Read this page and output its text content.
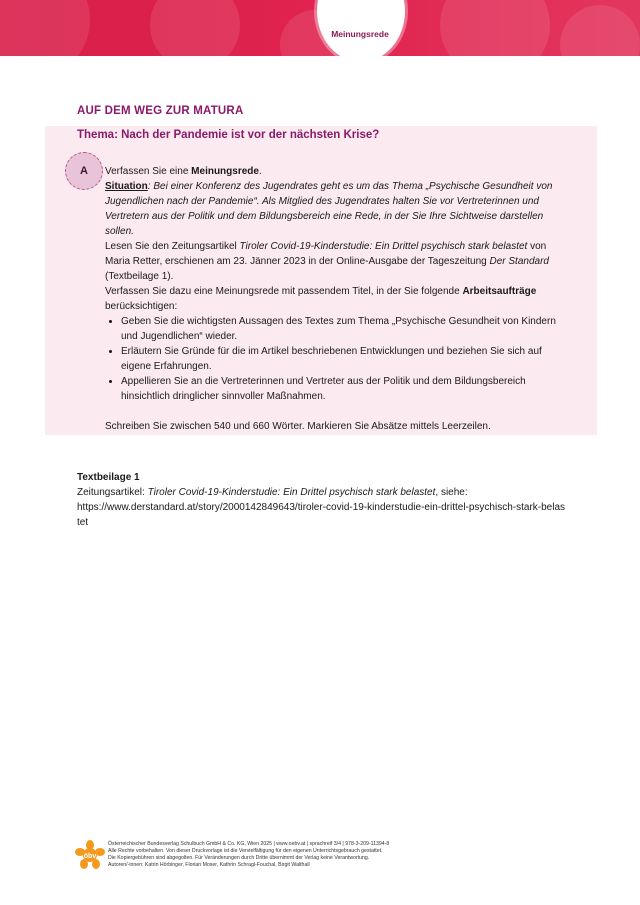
Meinungsrede
AUF DEM WEG ZUR MATURA
Thema: Nach der Pandemie ist vor der nächsten Krise?
A	Verfassen Sie eine Meinungsrede.

Situation: Bei einer Konferenz des Jugendrates geht es um das Thema „Psychische Gesundheit von Jugendlichen nach der Pandemie“. Als Mitglied des Jugendrates halten Sie vor Vertreterinnen und Vertretern aus der Politik und dem Bildungsbereich eine Rede, in der Sie Ihre Sichtweise darstellen sollen.

Lesen Sie den Zeitungsartikel Tiroler Covid-19-Kinderstudie: Ein Drittel psychisch stark belastet von Maria Retter, erschienen am 23. Jänner 2023 in der Online-Ausgabe der Tageszeitung Der Standard (Textbeilage 1).

Verfassen Sie dazu eine Meinungsrede mit passendem Titel, in der Sie folgende Arbeitsaufträge berücksichtigen:

• Geben Sie die wichtigsten Aussagen des Textes zum Thema „Psychische Gesundheit von Kindern und Jugendlichen“ wieder.
• Erläutern Sie Gründe für die im Artikel beschriebenen Entwicklungen und beziehen Sie sich auf eigene Erfahrungen.
• Appellieren Sie an die Vertreterinnen und Vertreter aus der Politik und dem Bildungsbereich hinsichtlich dringlicher sinnvoller Maßnahmen.

Schreiben Sie zwischen 540 und 660 Wörter. Markieren Sie Absätze mittels Leerzeilen.

Textbeilage 1

Zeitungsartikel: Tiroler Covid-19-Kinderstudie: Ein Drittel psychisch stark belastet, siehe:

https://www.derstandard.at/story/2000142849643/tiroler-covid-19-kinderstudie-ein-drittel-psychisch-stark-belastet

öbv

Österreichischer Bundesverlag Schulbuch GmbH & Co. KG, Wien 2025 | www.oebv.at | sprachreif 3/4 | 978-3-209-11394-8

Alle Rechte vorbehalten. Von dieser Druckvorlage ist die Vervielfältigung für den eigenen Unterrichtsgebrauch gestattet.

Die Kopiergebühren sind abgegolten. Für Veränderungen durch Dritte übernimmt der Verlag keine Verantwortung.

Autoren/-innen: Katrin Hörbinger, Florian Moser, Kathrin Schragl-Fouchal, Birgit Walthall
